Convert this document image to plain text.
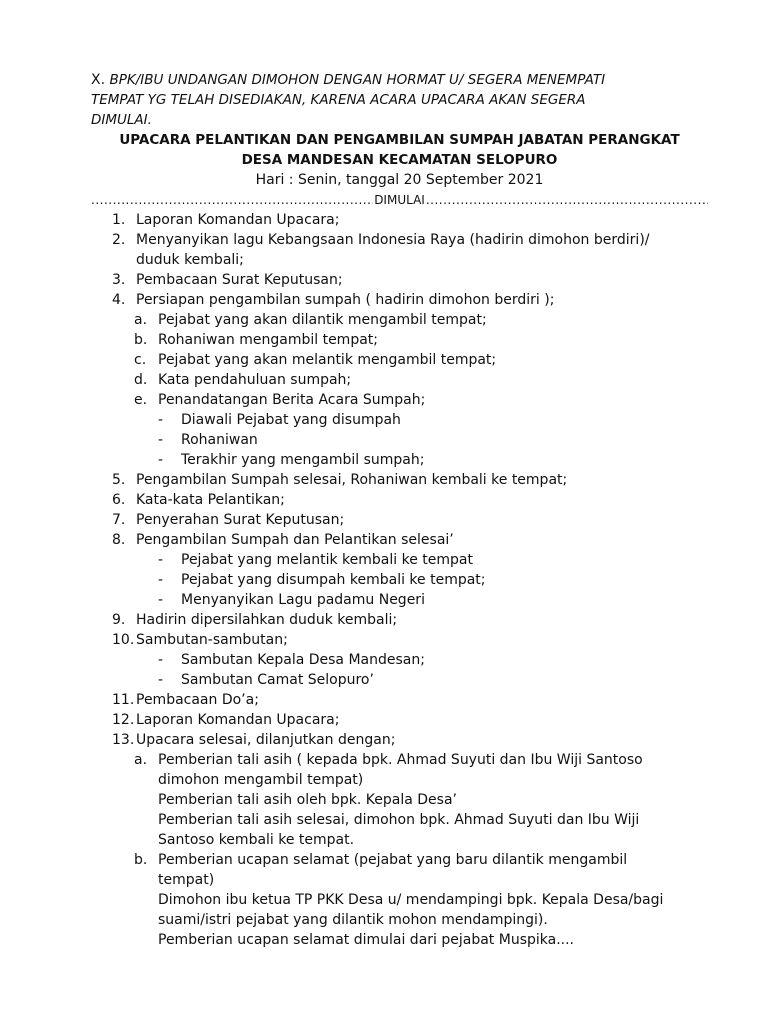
X. BPK/IBU UNDANGAN DIMOHON DENGAN HORMAT U/ SEGERA MENEMPATI
TEMPAT YG TELAH DISEDIAKAN, KARENA ACARA UPACARA AKAN SEGERA
DIMULAI.
UPACARA PELANTIKAN DAN PENGAMBILAN SUMPAH JABATAN PERANGKAT
DESA MANDESAN KECAMATAN SELOPURO
Hari : Senin, tanggal 20 September 2021
.....
DIMULAI
.....
1. Laporan Komandan Upacara;
2. Menyanyikan lagu Kebangsaan Indonesia Raya (hadirin dimohon berdiri)/
duduk kembali;
3. Pembacaan Surat Keputusan;
4. Persiapan pengambilan sumpah ( hadirin dimohon berdiri );
a. Pejabat yang akan dilantik mengambil tempat;
b. Rohaniwan mengambil tempat;
c. Pejabat yang akan melantik mengambil tempat;
d. Kata pendahuluan sumpah;
e. Penandatangan Berita Acara Sumpah;
-	Diawali Pejabat yang disumpah
-	Rohaniwan
-	Terakhir yang mengambil sumpah;
5. Pengambilan Sumpah selesai, Rohaniwan kembali ke tempat;
6. Kata-kata Pelantikan;
7. Penyerahan Surat Keputusan;
8. Pengambilan Sumpah dan Pelantikan selesai’
-	Pejabat yang melantik kembali ke tempat
-	Pejabat yang disumpah kembali ke tempat;
-	Menyanyikan Lagu padamu Negeri
9. Hadirin dipersilahkan duduk kembali;
10. Sambutan-sambutan;
-	Sambutan Kepala Desa Mandesan;
-	Sambutan Camat Selopuro’
11. Pembacaan Do’a;
12. Laporan Komandan Upacara;
13. Upacara selesai, dilanjutkan dengan;
a. Pemberian tali asih ( kepada bpk. Ahmad Suyuti dan Ibu Wiji Santoso
dimohon mengambil tempat)
Pemberian tali asih oleh bpk. Kepala Desa’
Pemberian tali asih selesai, dimohon bpk. Ahmad Suyuti dan Ibu Wiji
Santoso kembali ke tempat.
b. Pemberian ucapan selamat (pejabat yang baru dilantik mengambil
tempat)
Dimohon ibu ketua TP PKK Desa u/ mendampingi bpk. Kepala Desa/bagi
suami/istri pejabat yang dilantik mohon mendampingi).
Pemberian ucapan selamat dimulai dari pejabat Muspika....
